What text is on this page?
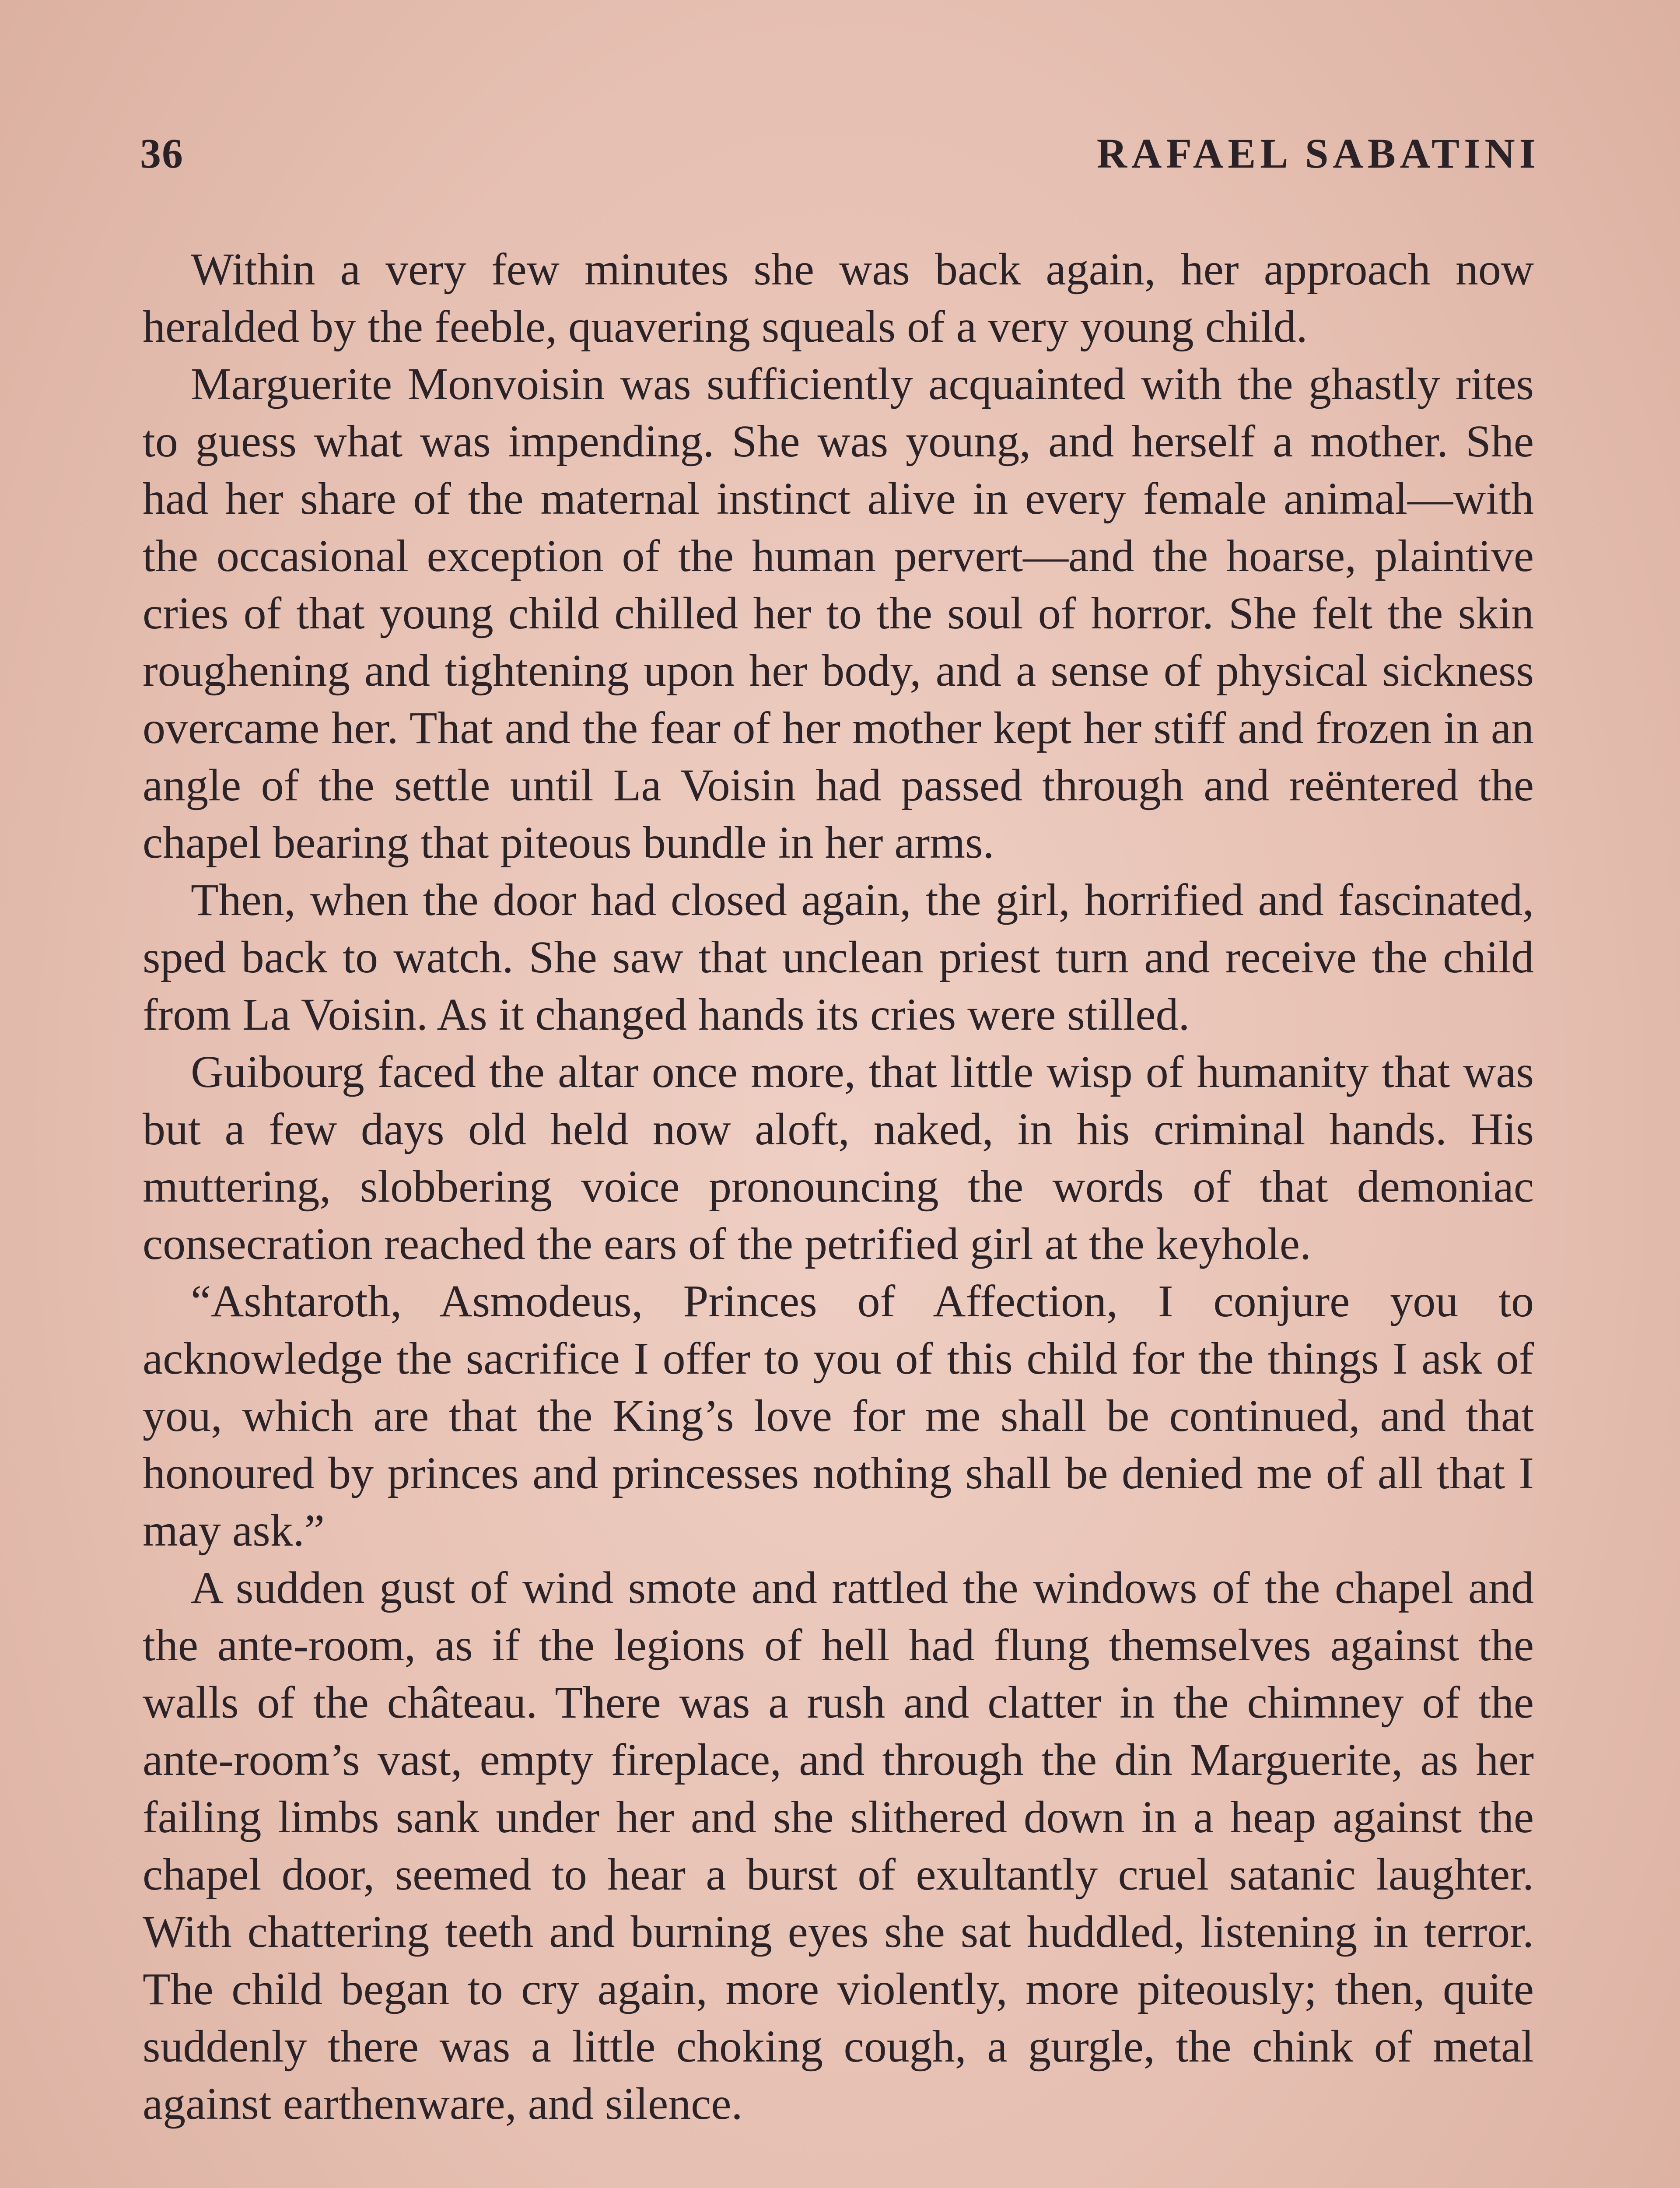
36	RAFAEL SABATINI

Within a very few minutes she was back again, her approach now heralded by the feeble, quavering squeals of a very young child.

Marguerite Monvoisin was sufficiently acquainted with the ghastly rites to guess what was impending. She was young, and herself a mother. She had her share of the maternal instinct alive in every female animal—with the occasional exception of the human pervert—and the hoarse, plaintive cries of that young child chilled her to the soul of horror. She felt the skin roughening and tightening upon her body, and a sense of physical sickness overcame her. That and the fear of her mother kept her stiff and frozen in an angle of the settle until La Voisin had passed through and reëntered the chapel bearing that piteous bundle in her arms.

Then, when the door had closed again, the girl, horrified and fascinated, sped back to watch. She saw that unclean priest turn and receive the child from La Voisin. As it changed hands its cries were stilled.

Guibourg faced the altar once more, that little wisp of humanity that was but a few days old held now aloft, naked, in his criminal hands. His muttering, slobbering voice pronouncing the words of that demoniac consecration reached the ears of the petrified girl at the keyhole.

“Ashtaroth, Asmodeus, Princes of Affection, I conjure you to acknowledge the sacrifice I offer to you of this child for the things I ask of you, which are that the King’s love for me shall be continued, and that honoured by princes and princesses nothing shall be denied me of all that I may ask.”

A sudden gust of wind smote and rattled the windows of the chapel and the ante-room, as if the legions of hell had flung themselves against the walls of the château. There was a rush and clatter in the chimney of the ante-room’s vast, empty fireplace, and through the din Marguerite, as her failing limbs sank under her and she slithered down in a heap against the chapel door, seemed to hear a burst of exultantly cruel satanic laughter. With chattering teeth and burning eyes she sat huddled, listening in terror. The child began to cry again, more violently, more piteously; then, quite suddenly there was a little choking cough, a gurgle, the chink of metal against earthenware, and silence.
